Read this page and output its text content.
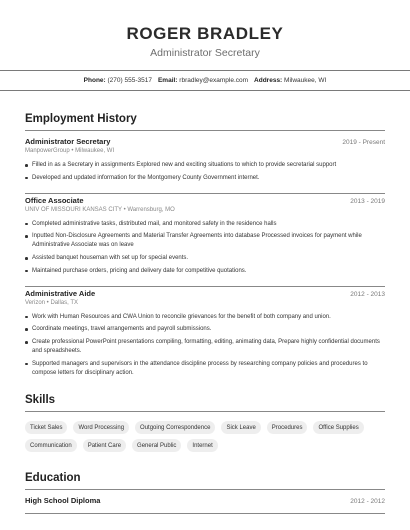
ROGER BRADLEY
Administrator Secretary
Phone: (270) 555-3517 Email: rbradley@example.com Address: Milwaukee, WI
Employment History
Administrator Secretary	2019 - Present
ManpowerGroup • Milwaukee, WI
Filled in as a Secretary in assignments Explored new and exciting situations to which to provide secretarial support
Developed and updated information for the Montgomery County Government internet.
Office Associate	2013 - 2019
UNIV OF MISSOURI KANSAS CITY • Warrensburg, MO
Completed administrative tasks, distributed mail, and monitored safety in the residence halls
Inputted Non-Disclosure Agreements and Material Transfer Agreements into database Processed invoices for payment while Administrative Associate was on leave
Assisted banquet houseman with set up for special events.
Maintained purchase orders, pricing and delivery date for competitive quotations.
Administrative Aide	2012 - 2013
Verizon • Dallas, TX
Work with Human Resources and CWA Union to reconcile grievances for the benefit of both company and union.
Coordinate meetings, travel arrangements and payroll submissions.
Create professional PowerPoint presentations compiling, formatting, editing, animating data, Prepare highly confidential documents and spreadsheets.
Supported managers and supervisors in the attendance discipline process by researching company policies and procedures to compose letters for disciplinary action.
Skills
Ticket Sales	Word Processing	Outgoing Correspondence	Sick Leave	Procedures	Office Supplies
Communication	Patient Care	General Public	Internet
Education
High School Diploma	2012 - 2012
